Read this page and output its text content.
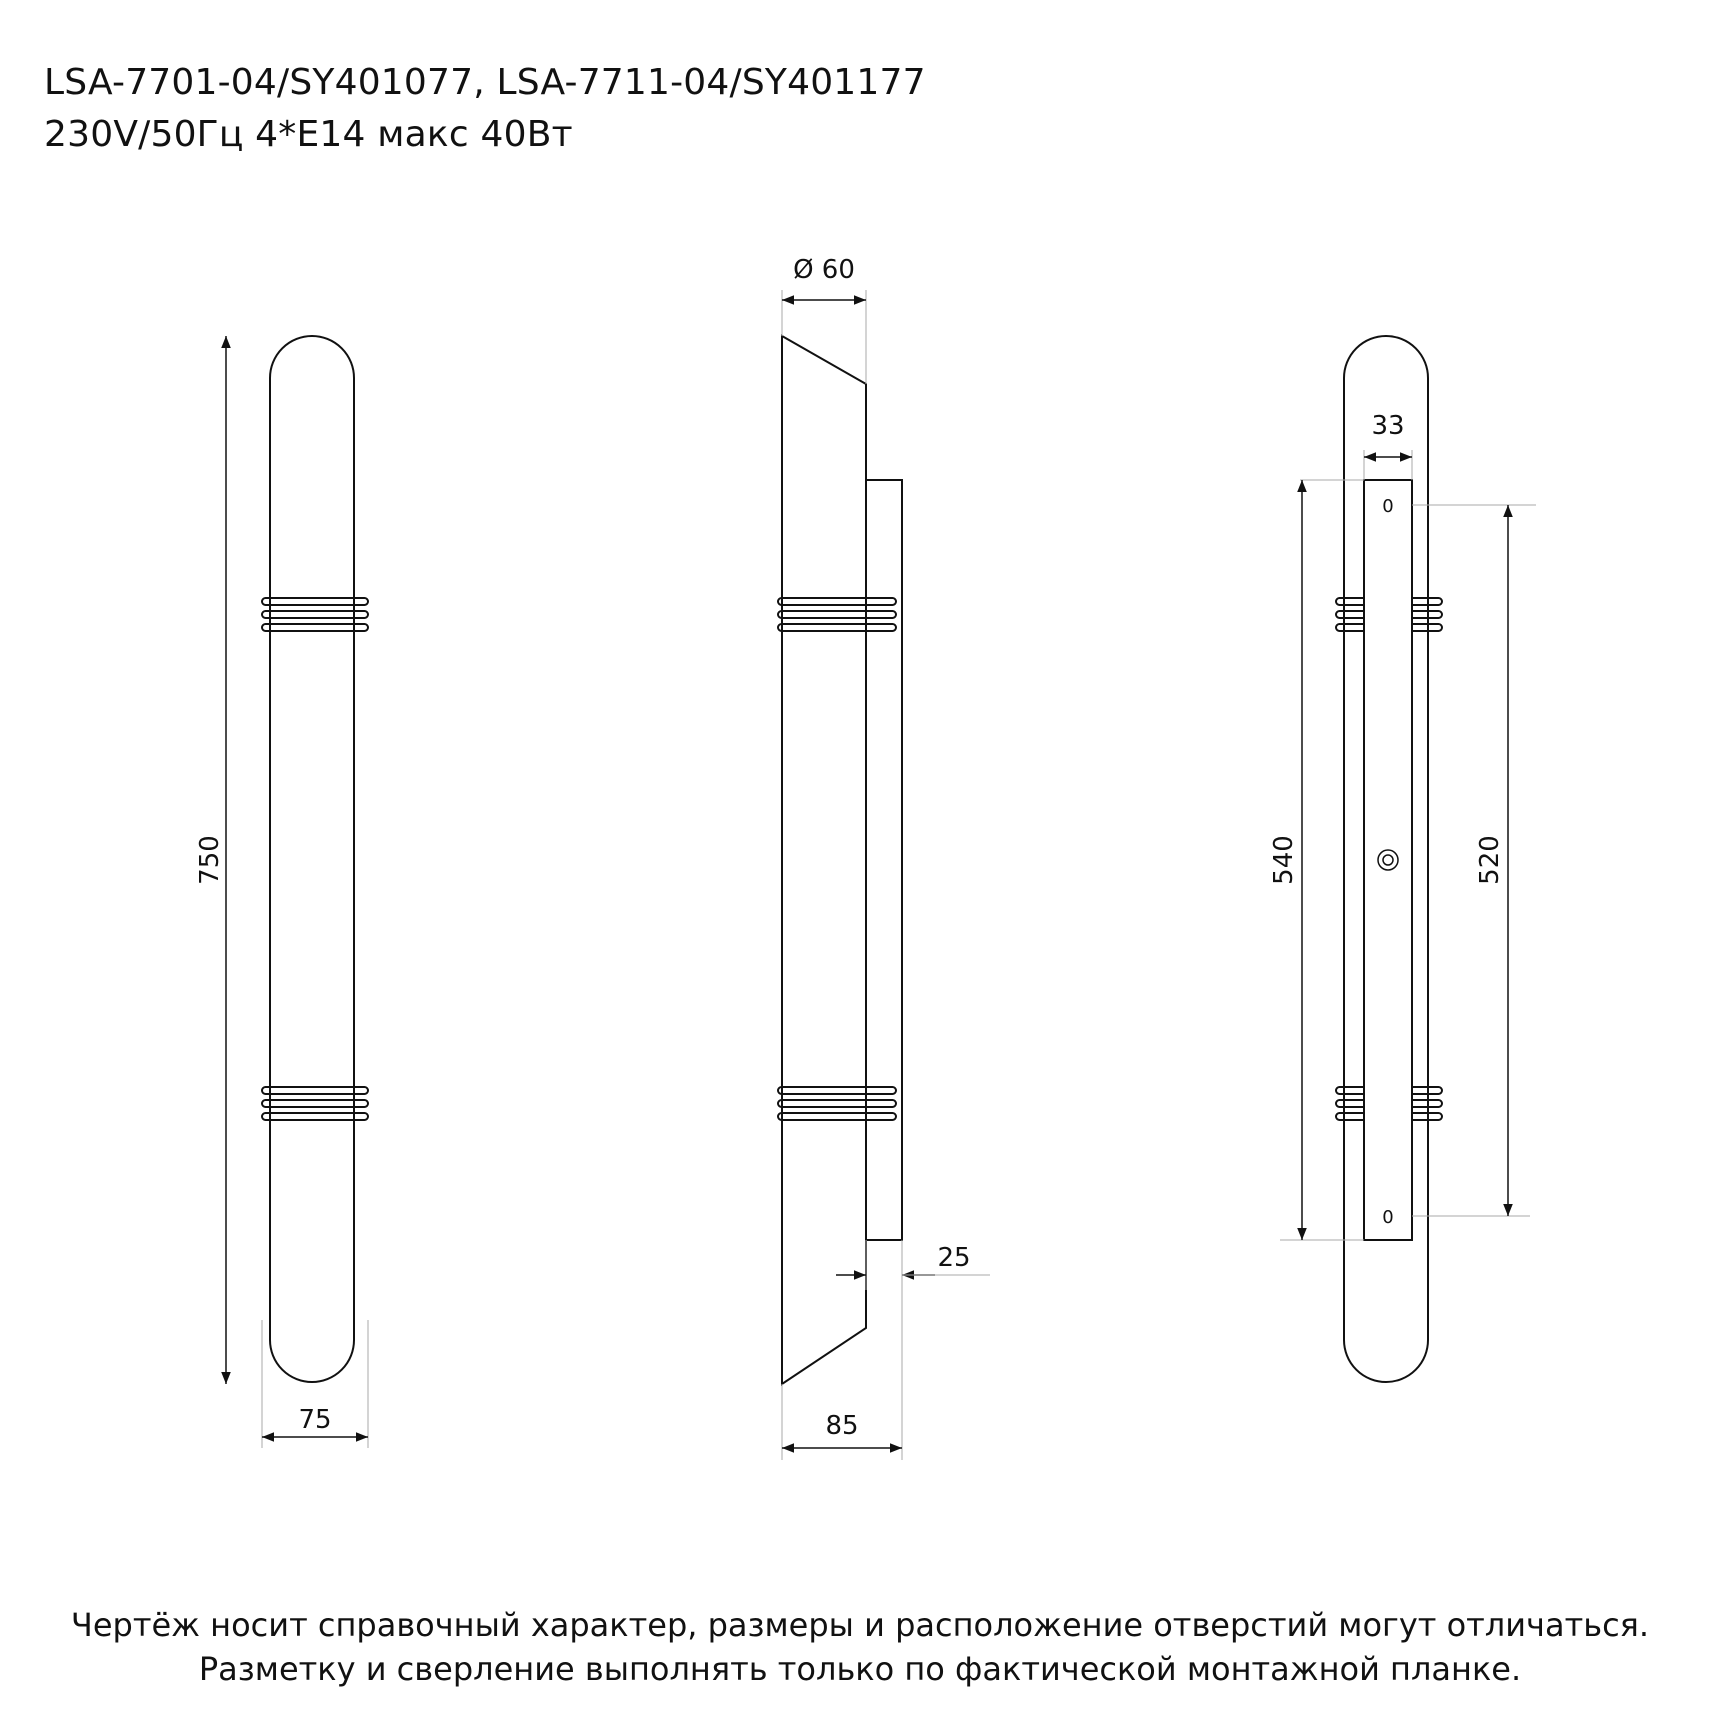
LSA-7701-04/SY401077, LSA-7711-04/SY401177
230V/50Гц 4*E14 макс 40Вт
750
75
Ø 60
85
25
0
0
33
540	520
Чертёж носит справочный характер, размеры и расположение отверстий могут отличаться.
Разметку и сверление выполнять только по фактической монтажной планке.
